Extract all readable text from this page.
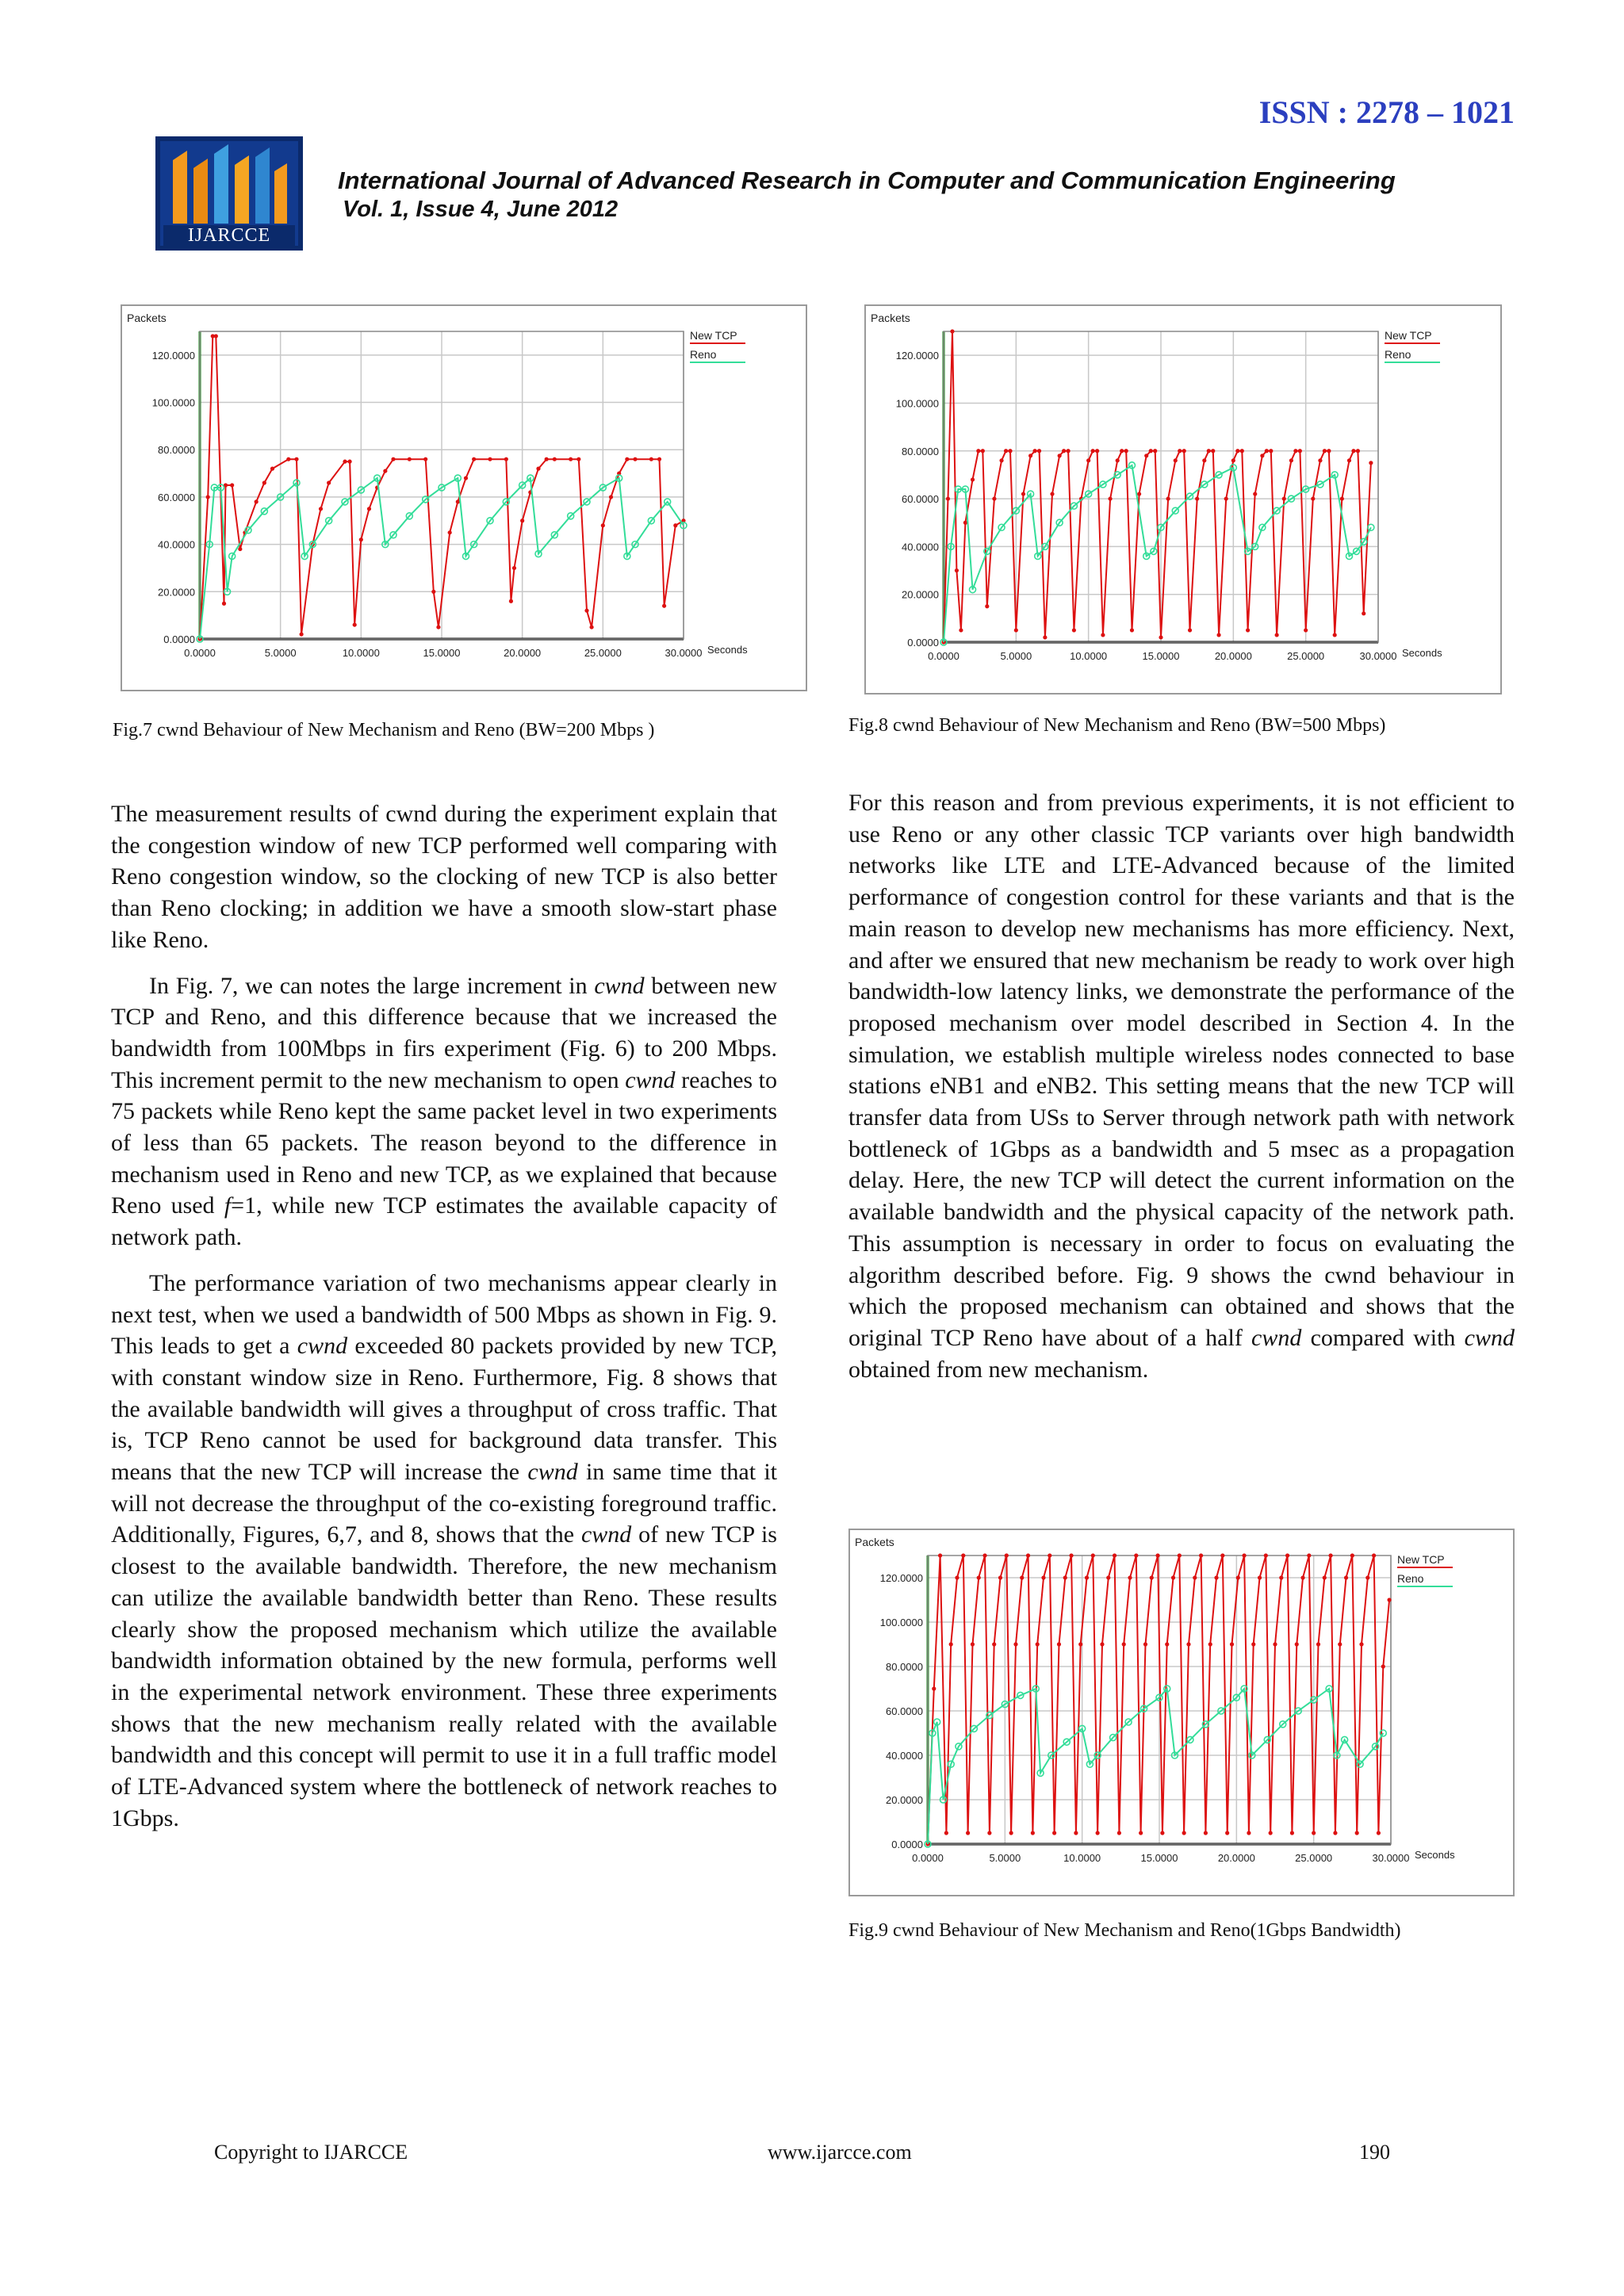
ISSN : 2278 – 1021
IJARCCE
International Journal of Advanced Research in Computer and Communication Engineering
Vol. 1, Issue 4, June 2012
Packets
0.0000
20.0000
40.0000
60.0000
80.0000
100.0000
120.0000
0.0000	5.0000	10.0000	15.0000	20.0000	25.0000	30.0000 Seconds
New TCP
Reno
Fig.7 cwnd Behaviour of New Mechanism and Reno (BW=200 Mbps )
Packets
0.0000
20.0000
40.0000
60.0000
80.0000
100.0000
120.0000
0.0000	5.0000	10.0000	15.0000	20.0000	25.0000	30.0000 Seconds
New TCP
Reno
Fig.8 cwnd Behaviour of New Mechanism and Reno (BW=500 Mbps)

The measurement results of cwnd during the experiment explain that the congestion window of new TCP performed well comparing with Reno congestion window, so the clocking of new TCP is also better than Reno clocking; in addition we have a smooth slow-start phase like Reno.

In Fig. 7, we can notes the large increment in cwnd between new TCP and Reno, and this difference because that we increased the bandwidth from 100Mbps in firs experiment (Fig. 6) to 200 Mbps. This increment permit to the new mechanism to open cwnd reaches to 75 packets while Reno kept the same packet level in two experiments of less than 65 packets. The reason beyond to the difference in mechanism used in Reno and new TCP, as we explained that because Reno used f=1, while new TCP estimates the available capacity of network path.

The performance variation of two mechanisms appear clearly in next test, when we used a bandwidth of 500 Mbps as shown in Fig. 9. This leads to get a cwnd exceeded 80 packets provided by new TCP, with constant window size in Reno. Furthermore, Fig. 8 shows that the available bandwidth will gives a throughput of cross traffic. That is, TCP Reno cannot be used for background data transfer. This means that the new TCP will increase the cwnd in same time that it will not decrease the throughput of the co-existing foreground traffic. Additionally, Figures, 6,7, and 8, shows that the cwnd of new TCP is closest to the available bandwidth. Therefore, the new mechanism can utilize the available bandwidth better than Reno. These results clearly show the proposed mechanism which utilize the available bandwidth information obtained by the new formula, performs well in the experimental network environment. These three experiments shows that the new mechanism really related with the available bandwidth and this concept will permit to use it in a full traffic model of LTE-Advanced system where the bottleneck of network reaches to 1Gbps.

For this reason and from previous experiments, it is not efficient to use Reno or any other classic TCP variants over high bandwidth networks like LTE and LTE-Advanced because of the limited performance of congestion control for these variants and that is the main reason to develop new mechanisms has more efficiency. Next, and after we ensured that new mechanism be ready to work over high bandwidth-low latency links, we demonstrate the performance of the proposed mechanism over model described in Section 4. In the simulation, we establish multiple wireless nodes connected to base stations eNB1 and eNB2. This setting means that the new TCP will transfer data from USs to Server through network path with network bottleneck of 1Gbps as a bandwidth and 5 msec as a propagation delay. Here, the new TCP will detect the current information on the available bandwidth and the physical capacity of the network path. This assumption is necessary in order to focus on evaluating the algorithm described before. Fig. 9 shows the cwnd behaviour in which the proposed mechanism can obtained and shows that the original TCP Reno have about of a half cwnd compared with cwnd obtained from new mechanism.

Packets
0.0000
20.0000
40.0000
60.0000
80.0000
100.0000
120.0000
0.0000	5.0000	10.0000	15.0000	20.0000	25.0000	30.0000 Seconds
New TCP
Reno
Fig.9 cwnd Behaviour of New Mechanism and Reno(1Gbps Bandwidth)
Copyright to IJARCCE	www.ijarcce.com	190
